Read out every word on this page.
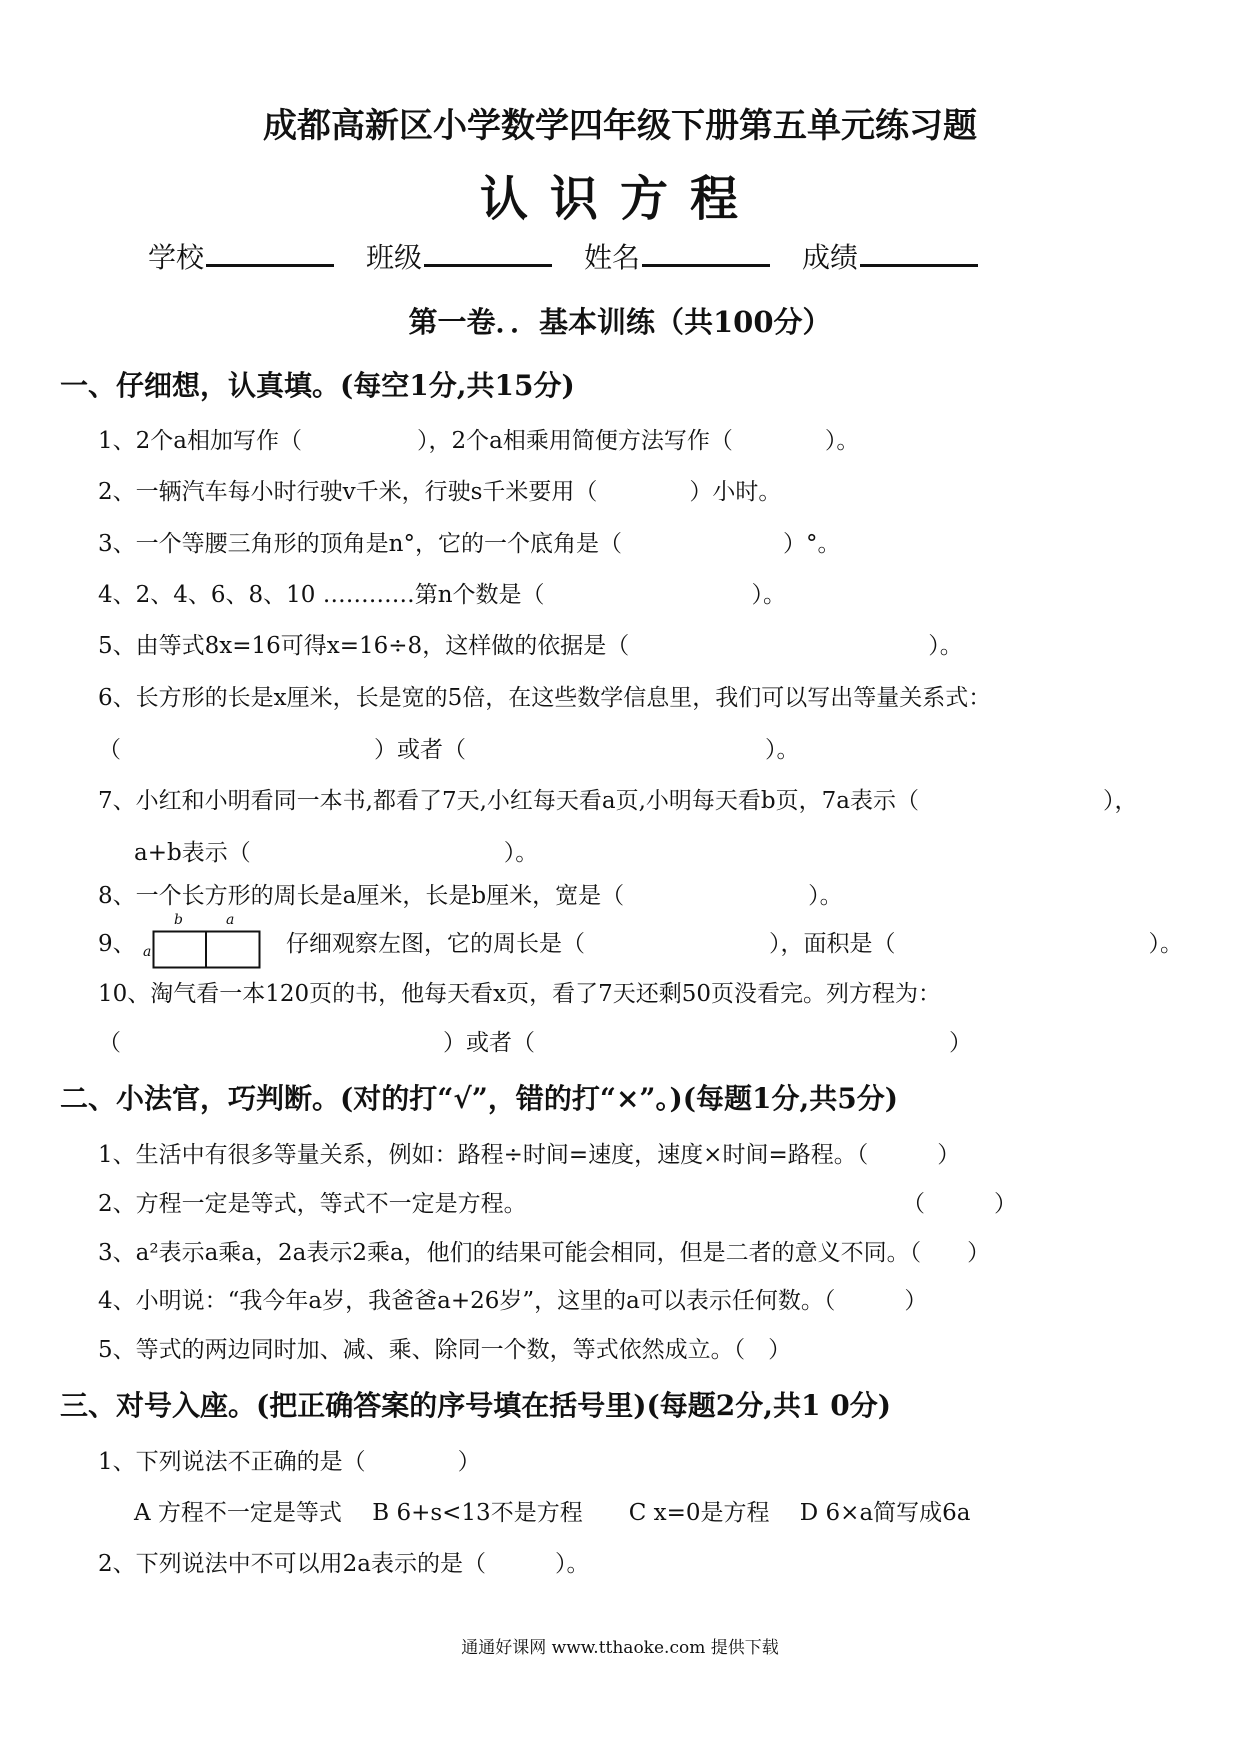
成都高新区小学数学四年级下册第五单元练习题
认识方程
学校	班级	姓名	成绩
第一卷．．基本训练（共100分）
一、仔细想，认真填。(每空1分,共15分)
1、2个a相加写作（　　　　　），2个a相乘用简便方法写作（　　　　）。
2、一辆汽车每小时行驶v千米，行驶s千米要用（　　　　）小时。
3、一个等腰三角形的顶角是n°，它的一个底角是（　　　　　　　）°。
4、2、4、6、8、10 …………第n个数是（　　　　　　　　　）。
5、由等式8x=16可得x=16÷8，这样做的依据是（　　　　　　　　　　　　　）。
6、长方形的长是x厘米，长是宽的5倍，在这些数学信息里，我们可以写出等量关系式：
（　　　　　　　　　　　）或者（　　　　　　　　　　　　　）。
7、小红和小明看同一本书,都看了7天,小红每天看a页,小明每天看b页，7a表示（　　　　　　　　），
a+b表示（　　　　　　　　　　　）。
8、一个长方形的周长是a厘米，长是b厘米，宽是（　　　　　　　　）。
9、
b	a
a	仔细观察左图，它的周长是（　　　　　　　　），面积是（　　　　　　　　　　　）。
10、淘气看一本120页的书，他每天看x页，看了7天还剩50页没看完。列方程为：
（　　　　　　　　　　　　　　）或者（　　　　　　　　　　　　　　　　　　）
二、小法官，巧判断。(对的打“√”，错的打“×”。)(每题1分,共5分)
1、生活中有很多等量关系，例如：路程÷时间=速度，速度×时间=路程。（　　　）
2、方程一定是等式，等式不一定是方程。	（　　　）
3、a²表示a乘a，2a表示2乘a，他们的结果可能会相同，但是二者的意义不同。（　　）
4、小明说：“我今年a岁，我爸爸a+26岁”，这里的a可以表示任何数。（　　　）
5、等式的两边同时加、减、乘、除同一个数，等式依然成立。（　）
三、对号入座。(把正确答案的序号填在括号里)(每题2分,共1 0分)
1、下列说法不正确的是（　　　　）
A 方程不一定是等式　 B 6+s<13不是方程　　C x=0是方程　 D 6×a简写成6a
2、下列说法中不可以用2a表示的是（　　　）。
通通好课网 www.tthaoke.com 提供下载
